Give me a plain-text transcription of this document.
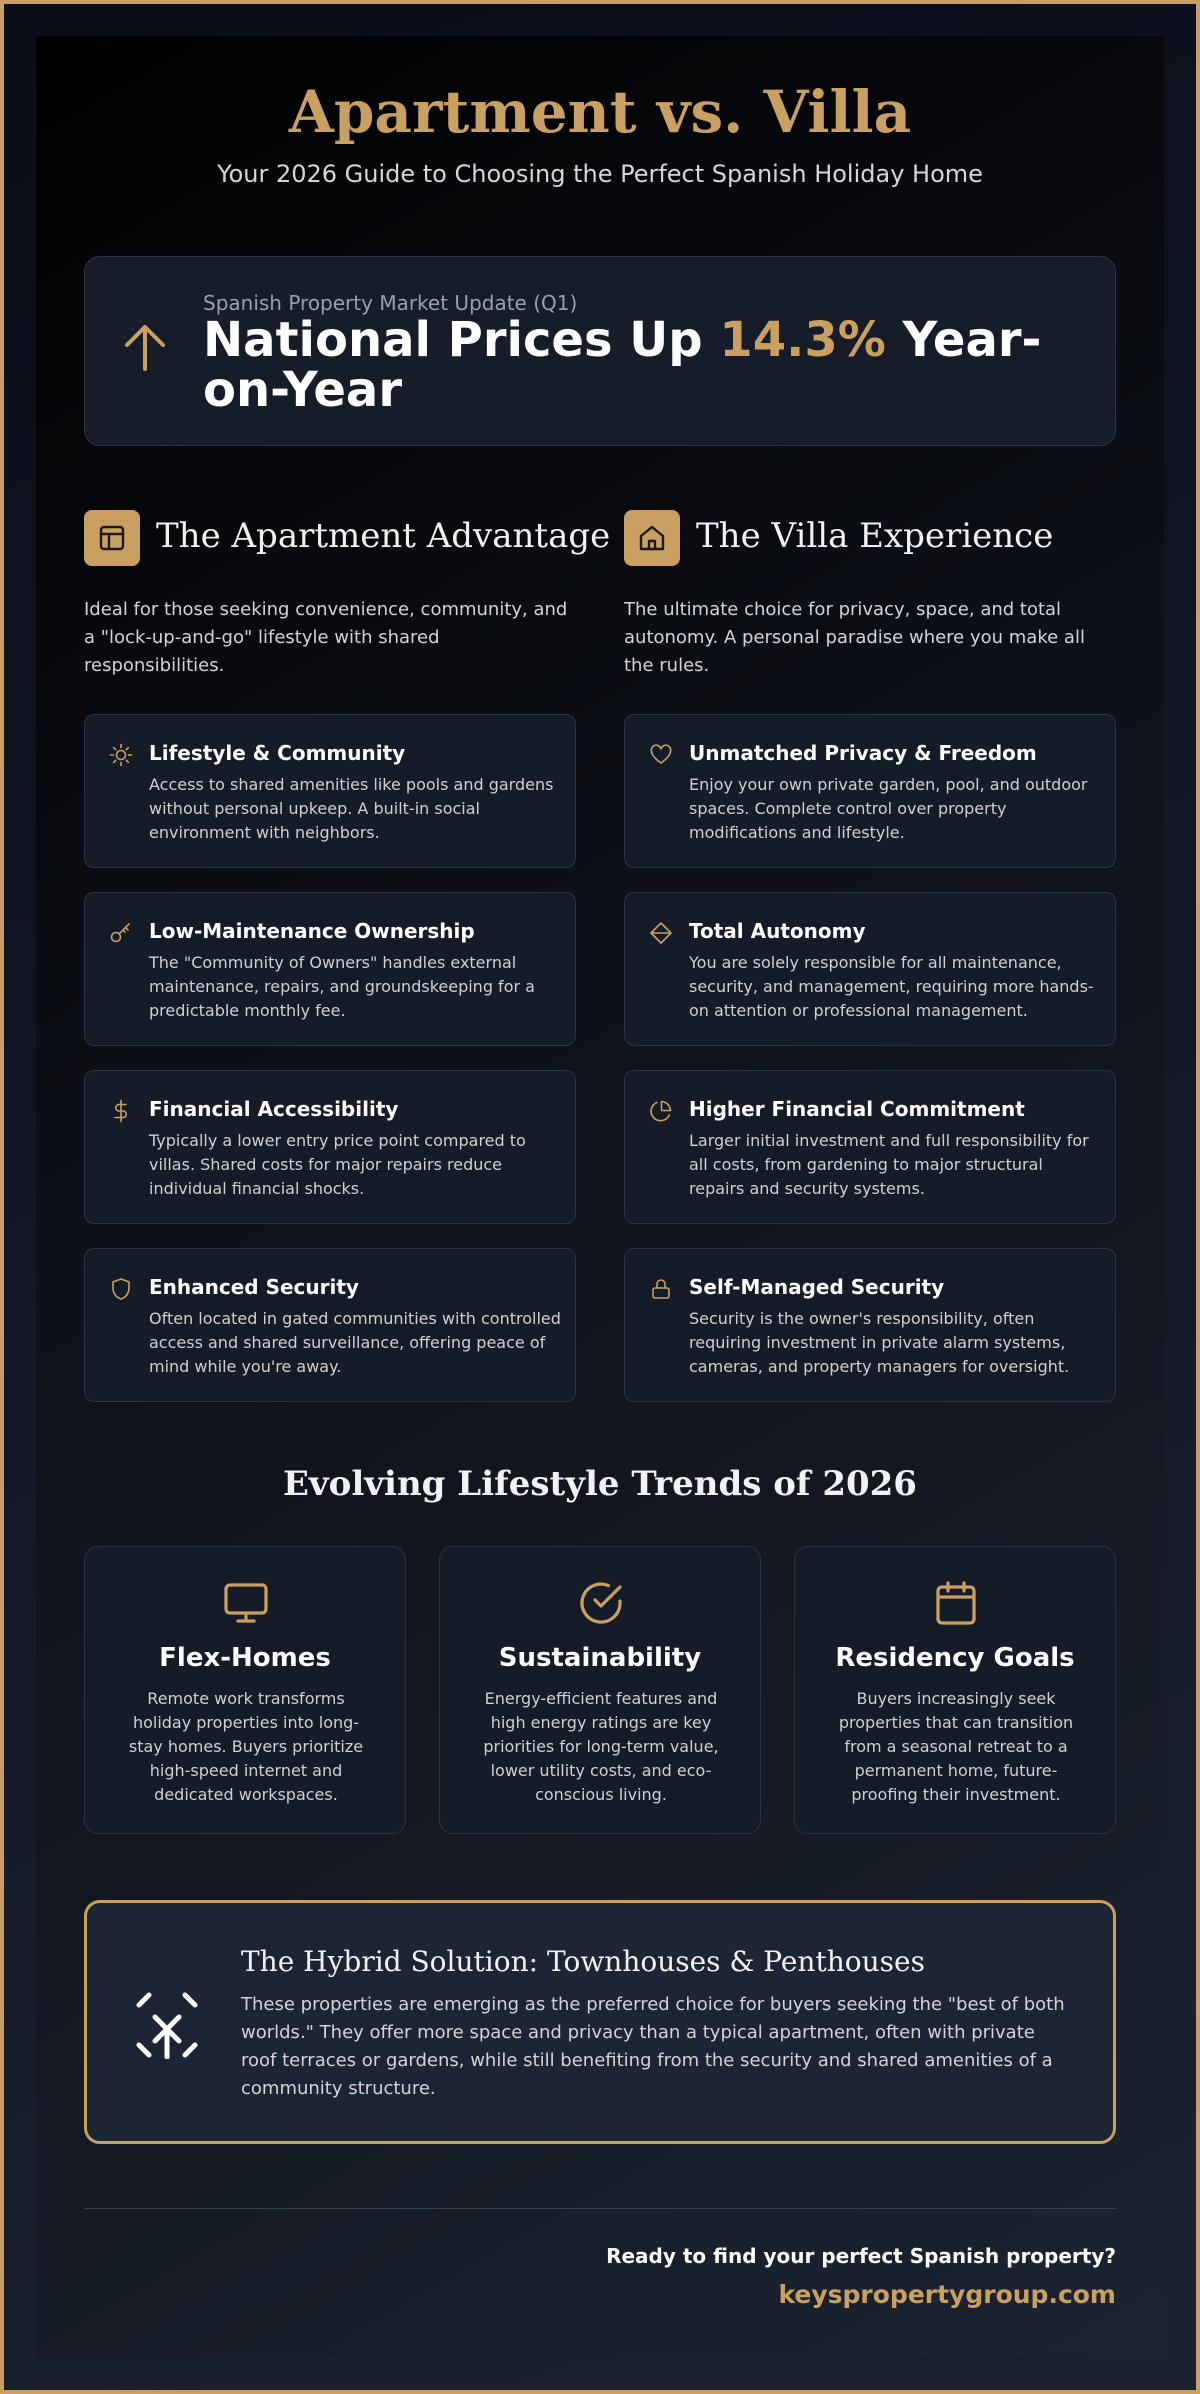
Apartment vs. Villa

Your 2026 Guide to Choosing the Perfect Spanish Holiday Home

Spanish Property Market Update (Q1)
National Prices Up 14.3% Year-on-Year
The Apartment Advantage

Ideal for those seeking convenience, community, and a "lock-up-and-go" lifestyle with shared responsibilities.

Lifestyle & Community
Access to shared amenities like pools and gardens without personal upkeep. A built-in social environment with neighbors.
Low-Maintenance Ownership
The "Community of Owners" handles external maintenance, repairs, and groundskeeping for a predictable monthly fee.
Financial Accessibility
Typically a lower entry price point compared to villas. Shared costs for major repairs reduce individual financial shocks.
Enhanced Security
Often located in gated communities with controlled access and shared surveillance, offering peace of mind while you're away.
The Villa Experience

The ultimate choice for privacy, space, and total autonomy. A personal paradise where you make all the rules.

Unmatched Privacy & Freedom
Enjoy your own private garden, pool, and outdoor spaces. Complete control over property modifications and lifestyle.
Total Autonomy
You are solely responsible for all maintenance, security, and management, requiring more hands-on attention or professional management.
Higher Financial Commitment
Larger initial investment and full responsibility for all costs, from gardening to major structural repairs and security systems.
Self-Managed Security
Security is the owner's responsibility, often requiring investment in private alarm systems, cameras, and property managers for oversight.
Evolving Lifestyle Trends of 2026
Flex-Homes
Remote work transforms holiday properties into long-stay homes. Buyers prioritize high-speed internet and dedicated workspaces.
Sustainability
Energy-efficient features and high energy ratings are key priorities for long-term value, lower utility costs, and eco-conscious living.
Residency Goals
Buyers increasingly seek properties that can transition from a seasonal retreat to a permanent home, future-proofing their investment.
The Hybrid Solution: Townhouses & Penthouses
These properties are emerging as the preferred choice for buyers seeking the "best of both worlds." They offer more space and privacy than a typical apartment, often with private roof terraces or gardens, while still benefiting from the security and shared amenities of a community structure.
Ready to find your perfect Spanish property?
keyspropertygroup.com
